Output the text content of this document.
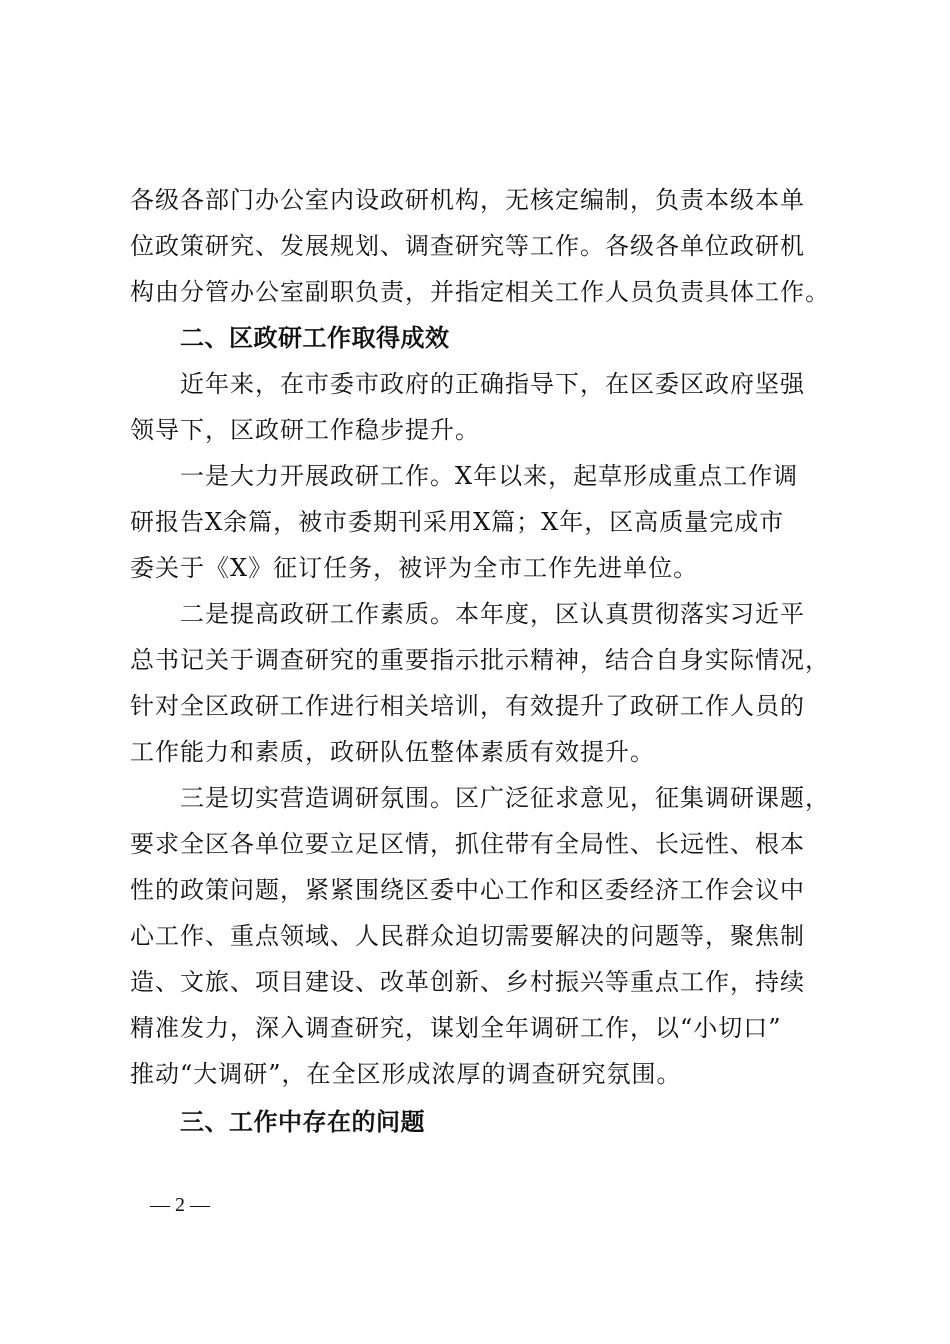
各级各部门办公室内设政研机构，无核定编制，负责本级本单
位政策研究、发展规划、调查研究等工作。各级各单位政研机
构由分管办公室副职负责，并指定相关工作人员负责具体工作。
二、区政研工作取得成效
近年来，在市委市政府的正确指导下，在区委区政府坚强
领导下，区政研工作稳步提升。
一是大力开展政研工作。X年以来，起草形成重点工作调
研报告X余篇，被市委期刊采用X篇；X年，区高质量完成市
委关于《X》征订任务，被评为全市工作先进单位。
二是提高政研工作素质。本年度，区认真贯彻落实习近平
总书记关于调查研究的重要指示批示精神，结合自身实际情况，
针对全区政研工作进行相关培训，有效提升了政研工作人员的
工作能力和素质，政研队伍整体素质有效提升。
三是切实营造调研氛围。区广泛征求意见，征集调研课题，
要求全区各单位要立足区情，抓住带有全局性、长远性、根本
性的政策问题，紧紧围绕区委中心工作和区委经济工作会议中
心工作、重点领域、人民群众迫切需要解决的问题等，聚焦制
造、文旅、项目建设、改革创新、乡村振兴等重点工作，持续
精准发力，深入调查研究，谋划全年调研工作，以“小切口”
推动“大调研”，在全区形成浓厚的调查研究氛围。
三、工作中存在的问题
— 2 —
